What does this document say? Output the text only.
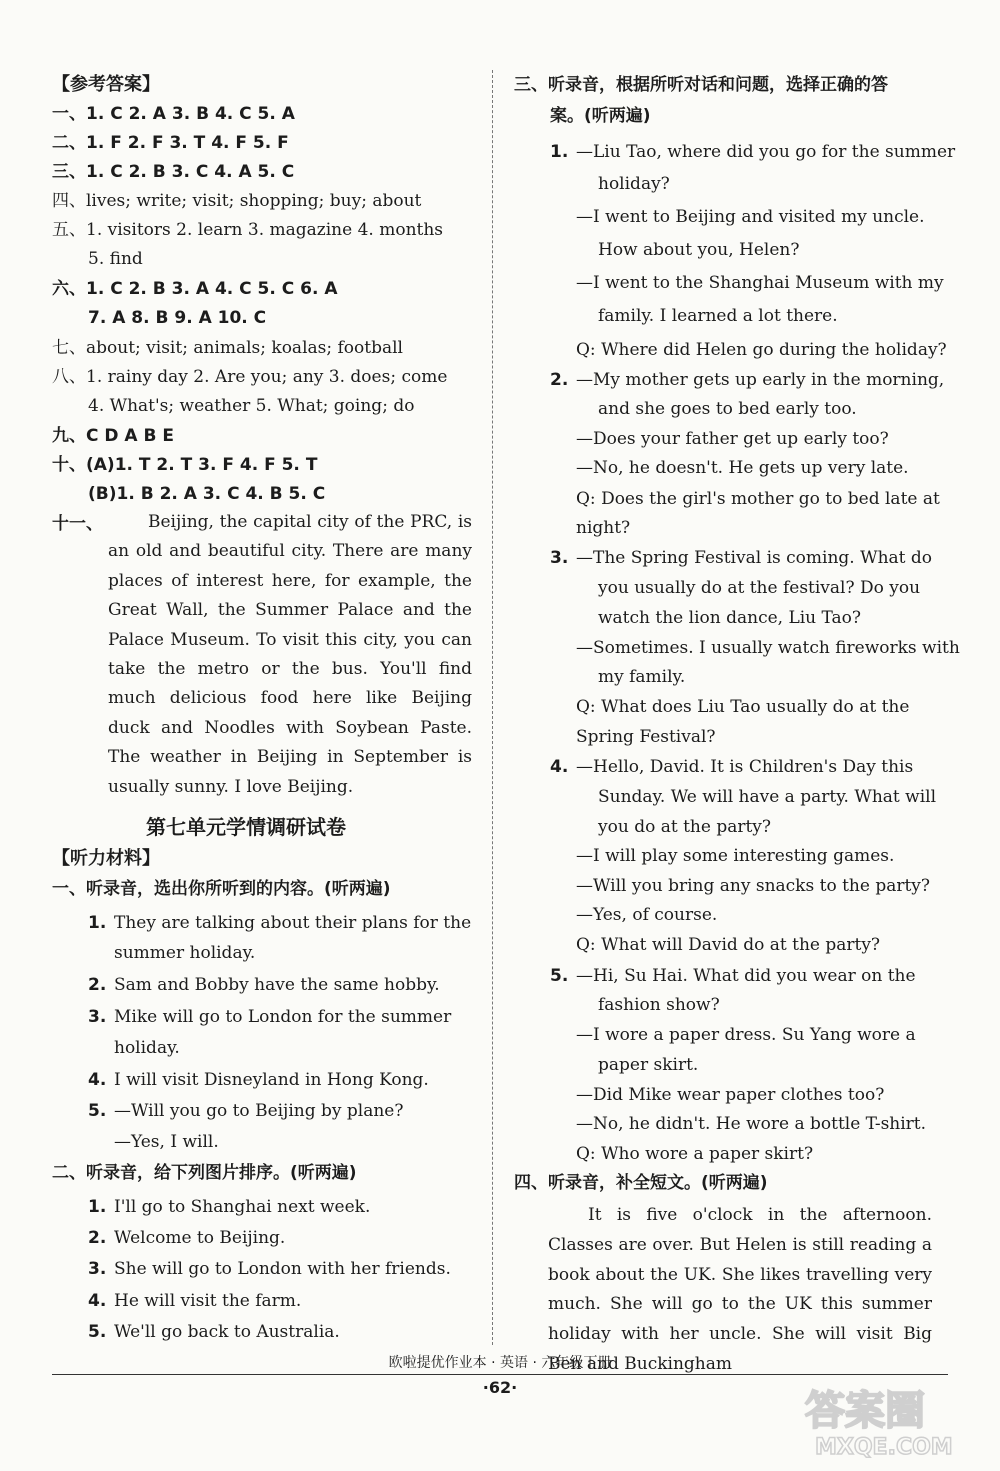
【参考答案】
一、1. C 2. A 3. B 4. C 5. A
二、1. F 2. F 3. T 4. F 5. F
三、1. C 2. B 3. C 4. A 5. C
四、lives; write; visit; shopping; buy; about
五、1. visitors 2. learn 3. magazine 4. months
5. find
六、1. C 2. B 3. A 4. C 5. C 6. A
7. A 8. B 9. A 10. C
七、about; visit; animals; koalas; football
八、1. rainy day 2. Are you; any 3. does; come
4. What's; weather 5. What; going; do
九、C D A B E
十、(A)1. T 2. T 3. F 4. F 5. T
(B)1. B 2. A 3. C 4. B 5. C
十一、	Beijing, the capital city of the PRC, is an old and beautiful city. There are many places of interest here, for example, the Great Wall, the Summer Palace and the Palace Museum. To visit this city, you can take the metro or the bus. You'll find much delicious food here like Beijing duck and Noodles with Soybean Paste. The weather in Beijing in September is usually sunny. I love Beijing.
第七单元学情调研试卷
【听力材料】
一、听录音，选出你所听到的内容。(听两遍)
1. They are talking about their plans for the
summer holiday.
2. Sam and Bobby have the same hobby.
3. Mike will go to London for the summer
holiday.
4. I will visit Disneyland in Hong Kong.
5. —Will you go to Beijing by plane?
—Yes, I will.
二、听录音，给下列图片排序。(听两遍)
1. I'll go to Shanghai next week.
2. Welcome to Beijing.
3. She will go to London with her friends.
4. He will visit the farm.
5. We'll go back to Australia.
三、听录音，根据所听对话和问题，选择正确的答
案。(听两遍)
1. —Liu Tao, where did you go for the summer
holiday?
—I went to Beijing and visited my uncle.
How about you, Helen?
—I went to the Shanghai Museum with my
family. I learned a lot there.
Q: Where did Helen go during the holiday?
2. —My mother gets up early in the morning,
and she goes to bed early too.
—Does your father get up early too?
—No, he doesn't. He gets up very late.
Q: Does the girl's mother go to bed late at
night?
3. —The Spring Festival is coming. What do
you usually do at the festival? Do you
watch the lion dance, Liu Tao?
—Sometimes. I usually watch fireworks with
my family.
Q: What does Liu Tao usually do at the
Spring Festival?
4. —Hello, David. It is Children's Day this
Sunday. We will have a party. What will
you do at the party?
—I will play some interesting games.
—Will you bring any snacks to the party?
—Yes, of course.
Q: What will David do at the party?
5. —Hi, Su Hai. What did you wear on the
fashion show?
—I wore a paper dress. Su Yang wore a
paper skirt.
—Did Mike wear paper clothes too?
—No, he didn't. He wore a bottle T-shirt.
Q: Who wore a paper skirt?
四、听录音，补全短文。(听两遍)
It is five o'clock in the afternoon. Classes are over. But Helen is still reading a book about the UK. She likes travelling very much. She will go to the UK this summer holiday with her uncle. She will visit Big Ben and Buckingham
欧啦提优作业本 · 英语 · 六年级下册
·62·
答案圈
MXQE.COM
